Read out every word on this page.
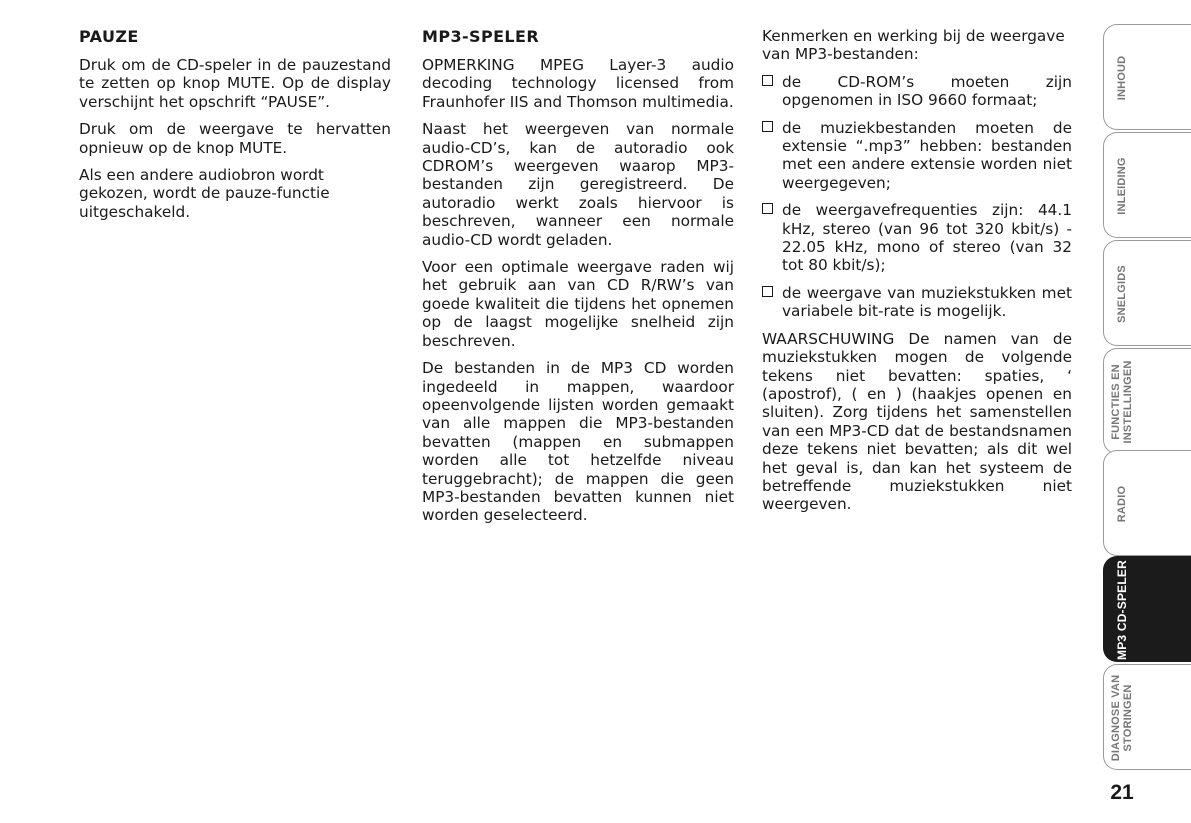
PAUZE

Druk om de CD-speler in de pauzestand te zetten op knop MUTE. Op de display verschijnt het opschrift “PAUSE”.

Druk om de weergave te hervatten opnieuw op de knop MUTE.

Als een andere audiobron wordt gekozen, wordt de pauze-functie uitgeschakeld.

MP3-SPELER

OPMERKING MPEG Layer-3 audio decoding technology licensed from Fraunhofer IIS and Thomson multimedia.

Naast het weergeven van normale audio-CD’s, kan de autoradio ook CDROM’s weergeven waarop MP3-bestanden zijn geregistreerd. De autoradio werkt zoals hiervoor is beschreven, wanneer een normale audio-CD wordt geladen.

Voor een optimale weergave raden wij het gebruik aan van CD R/RW’s van goede kwaliteit die tijdens het opnemen op de laagst mogelijke snelheid zijn beschreven.

De bestanden in de MP3 CD worden ingedeeld in mappen, waardoor opeenvolgende lijsten worden gemaakt van alle mappen die MP3-bestanden bevatten (mappen en submappen worden alle tot hetzelfde niveau teruggebracht); de mappen die geen MP3-bestanden bevatten kunnen niet worden geselecteerd.

Kenmerken en werking bij de weergave van MP3-bestanden:

de CD-ROM’s moeten zijn opgenomen in ISO 9660 formaat;
de muziekbestanden moeten de extensie “.mp3” hebben: bestanden met een andere extensie worden niet weergegeven;
de weergavefrequenties zijn: 44.1 kHz, stereo (van 96 tot 320 kbit/s) - 22.05 kHz, mono of stereo (van 32 tot 80 kbit/s);
de weergave van muziekstukken met variabele bit-rate is mogelijk.

WAARSCHUWING De namen van de muziekstukken mogen de volgende tekens niet bevatten: spaties, ‘ (apostrof), ( en ) (haakjes openen en sluiten). Zorg tijdens het samenstellen van een MP3-CD dat de bestandsnamen deze tekens niet bevatten; als dit wel het geval is, dan kan het systeem de betreffende muziekstukken niet weergeven.

INHOUD
INLEIDING
SNELGIDS
FUNCTIES EN
INSTELLINGEN
RADIO
MP3 CD-SPELER
DIAGNOSE VAN
STORINGEN
21
